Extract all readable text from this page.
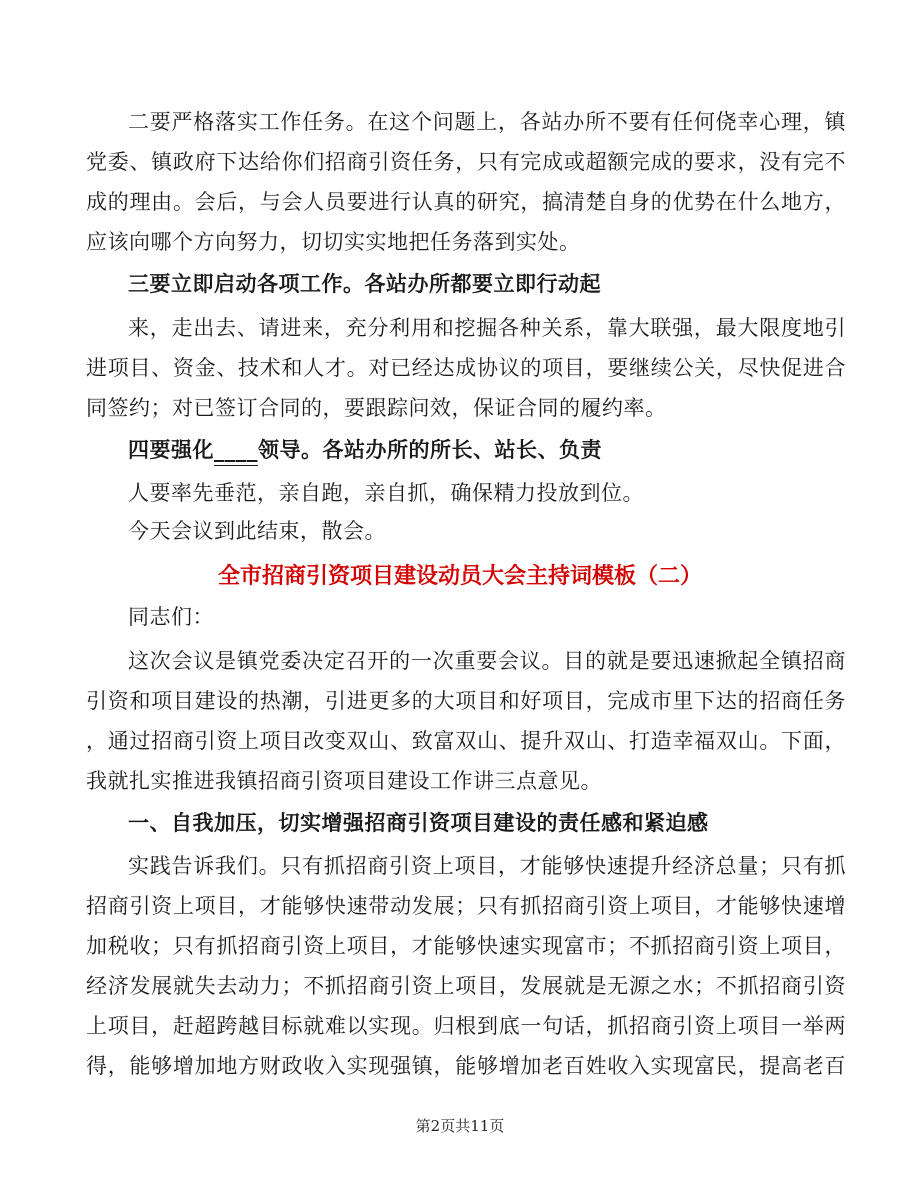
二要严格落实工作任务。在这个问题上，各站办所不要有任何侥幸心理，镇
党委、镇政府下达给你们招商引资任务，只有完成或超额完成的要求，没有完不
成的理由。会后，与会人员要进行认真的研究，搞清楚自身的优势在什么地方，
应该向哪个方向努力，切切实实地把任务落到实处。
三要立即启动各项工作。各站办所都要立即行动起
来，走出去、请进来，充分利用和挖掘各种关系，靠大联强，最大限度地引
进项目、资金、技术和人才。对已经达成协议的项目，要继续公关，尽快促进合
同签约；对已签订合同的，要跟踪问效，保证合同的履约率。
四要强化____领导。各站办所的所长、站长、负责
人要率先垂范，亲自跑，亲自抓，确保精力投放到位。
今天会议到此结束，散会。
全市招商引资项目建设动员大会主持词模板（二）
同志们：
这次会议是镇党委决定召开的一次重要会议。目的就是要迅速掀起全镇招商
引资和项目建设的热潮，引进更多的大项目和好项目，完成市里下达的招商任务
，通过招商引资上项目改变双山、致富双山、提升双山、打造幸福双山。下面，
我就扎实推进我镇招商引资项目建设工作讲三点意见。
一、自我加压，切实增强招商引资项目建设的责任感和紧迫感
实践告诉我们。只有抓招商引资上项目，才能够快速提升经济总量；只有抓
招商引资上项目，才能够快速带动发展；只有抓招商引资上项目，才能够快速增
加税收；只有抓招商引资上项目，才能够快速实现富市；不抓招商引资上项目，
经济发展就失去动力；不抓招商引资上项目，发展就是无源之水；不抓招商引资
上项目，赶超跨越目标就难以实现。归根到底一句话，抓招商引资上项目一举两
得，能够增加地方财政收入实现强镇，能够增加老百姓收入实现富民，提高老百
第2页共11页
